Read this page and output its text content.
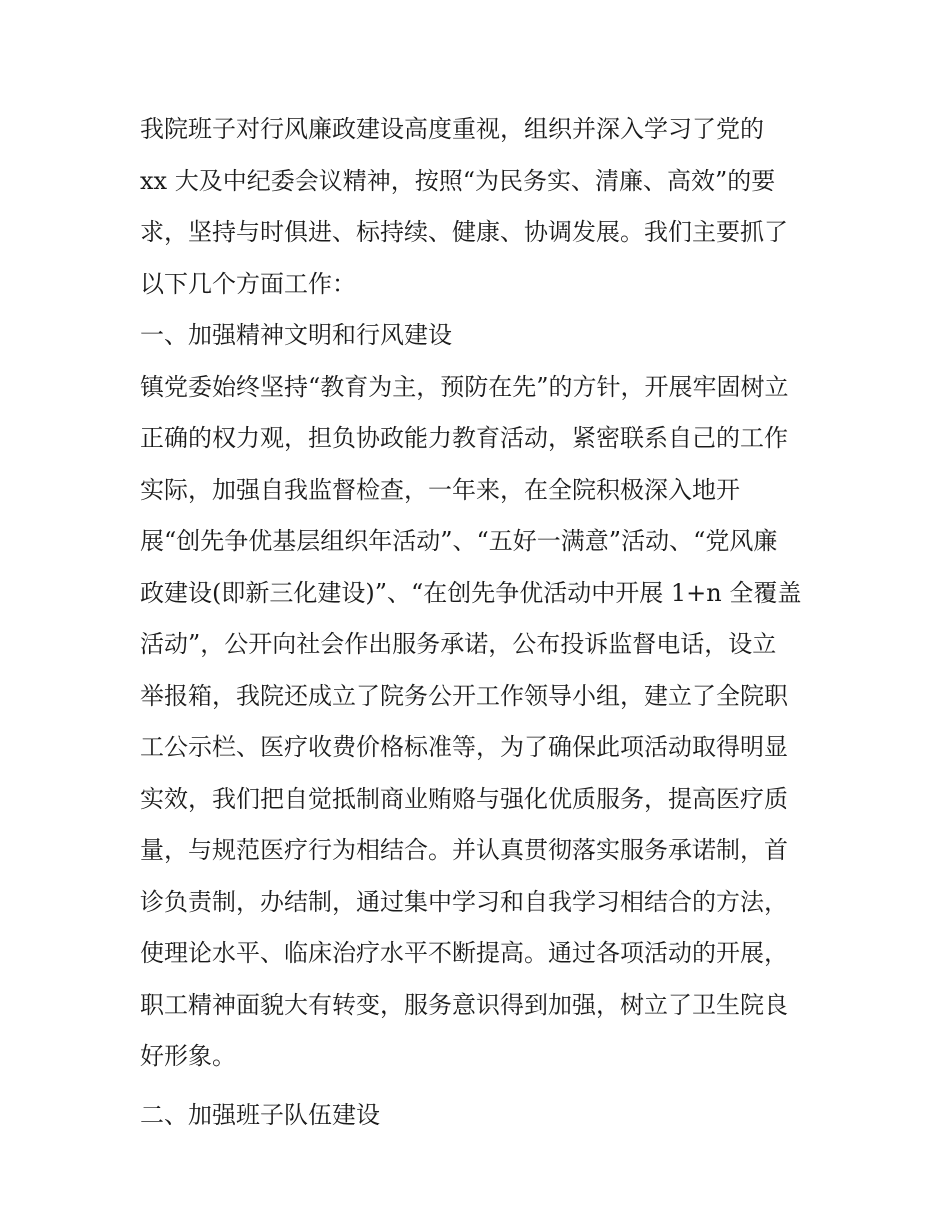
我院班子对行风廉政建设高度重视，组织并深入学习了党的
xx 大及中纪委会议精神，按照“为民务实、清廉、高效”的要
求，坚持与时俱进、标持续、健康、协调发展。我们主要抓了
以下几个方面工作：
一、加强精神文明和行风建设
镇党委始终坚持“教育为主，预防在先”的方针，开展牢固树立
正确的权力观，担负协政能力教育活动，紧密联系自己的工作
实际，加强自我监督检查，一年来，在全院积极深入地开
展“创先争优基层组织年活动”、“五好一满意”活动、“党风廉
政建设(即新三化建设)”、“在创先争优活动中开展 1+n 全覆盖
活动”，公开向社会作出服务承诺，公布投诉监督电话，设立
举报箱，我院还成立了院务公开工作领导小组，建立了全院职
工公示栏、医疗收费价格标准等，为了确保此项活动取得明显
实效，我们把自觉抵制商业贿赂与强化优质服务，提高医疗质
量，与规范医疗行为相结合。并认真贯彻落实服务承诺制，首
诊负责制，办结制，通过集中学习和自我学习相结合的方法，
使理论水平、临床治疗水平不断提高。通过各项活动的开展，
职工精神面貌大有转变，服务意识得到加强，树立了卫生院良
好形象。
二、加强班子队伍建设
